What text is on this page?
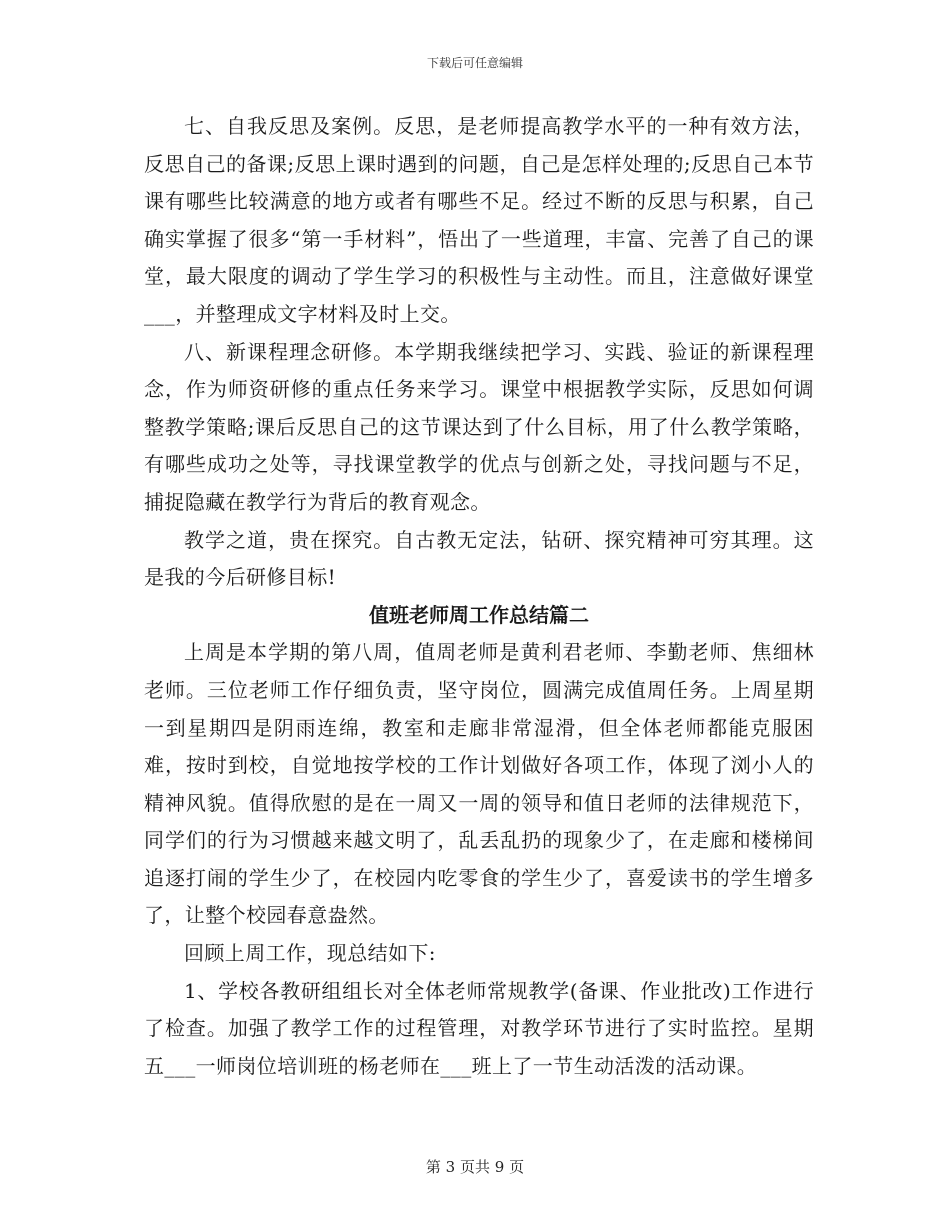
下载后可任意编辑

七、自我反思及案例。反思，是老师提高教学水平的一种有效方法，反思自己的备课;反思上课时遇到的问题，自己是怎样处理的;反思自己本节课有哪些比较满意的地方或者有哪些不足。经过不断的反思与积累，自己确实掌握了很多“第一手材料”，悟出了一些道理，丰富、完善了自己的课堂，最大限度的调动了学生学习的积极性与主动性。而且，注意做好课堂___，并整理成文字材料及时上交。

八、新课程理念研修。本学期我继续把学习、实践、验证的新课程理念，作为师资研修的重点任务来学习。课堂中根据教学实际，反思如何调整教学策略;课后反思自己的这节课达到了什么目标，用了什么教学策略，有哪些成功之处等，寻找课堂教学的优点与创新之处，寻找问题与不足，捕捉隐藏在教学行为背后的教育观念。

教学之道，贵在探究。自古教无定法，钻研、探究精神可穷其理。这是我的今后研修目标!

值班老师周工作总结篇二

上周是本学期的第八周，值周老师是黄利君老师、李勤老师、焦细林老师。三位老师工作仔细负责，坚守岗位，圆满完成值周任务。上周星期一到星期四是阴雨连绵，教室和走廊非常湿滑，但全体老师都能克服困难，按时到校，自觉地按学校的工作计划做好各项工作，体现了浏小人的精神风貌。值得欣慰的是在一周又一周的领导和值日老师的法律规范下，同学们的行为习惯越来越文明了，乱丢乱扔的现象少了，在走廊和楼梯间追逐打闹的学生少了，在校园内吃零食的学生少了，喜爱读书的学生增多了，让整个校园春意盎然。

回顾上周工作，现总结如下:

1、学校各教研组组长对全体老师常规教学(备课、作业批改)工作进行了检查。加强了教学工作的过程管理，对教学环节进行了实时监控。星期五___一师岗位培训班的杨老师在___班上了一节生动活泼的活动课。

第 3 页共 9 页
